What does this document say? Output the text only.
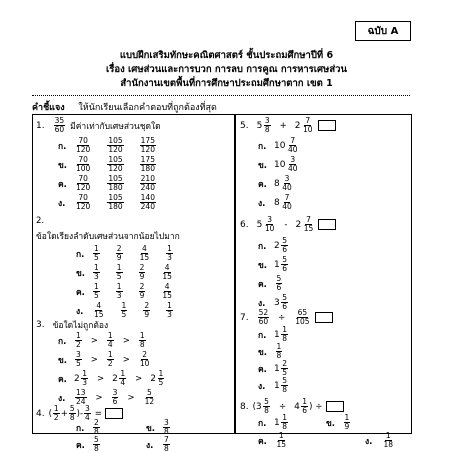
ฉบับ A
แบบฝึกเสริมทักษะคณิตศาสตร์ ชั้นประถมศึกษาปีที่ 6
เรื่อง เศษส่วนและการบวก การลบ การคูณ การหารเศษส่วน
สำนักงานเขตพื้นที่การศึกษาประถมศึกษาตาก เขต 1
คำชี้แจง ให้นักเรียนเลือกคำตอบที่ถูกต้องที่สุด
1. $\frac{35}{60}$ มีค่าเท่ากับเศษส่วนชุดใด
ก.	$\frac{70}{120} \frac{105}{120} \frac{175}{120}$
ข.	$\frac{70}{100} \frac{105}{120} \frac{175}{180}$
ค.	$\frac{70}{120} \frac{105}{180} \frac{210}{240}$
ง.	$\frac{70}{120} \frac{105}{180} \frac{140}{240}$
2.
ข้อใดเรียงลำดับเศษส่วนจากน้อยไปมาก
ก.	$\frac{1}{5} \frac{2}{9} \frac{4}{15} \frac{1}{3}$
ข.	$\frac{1}{3} \frac{1}{5} \frac{2}{9} \frac{4}{15}$
ค.	$\frac{1}{5} \frac{1}{3} \frac{2}{9} \frac{4}{15}$
ง.	$\frac{4}{15} \frac{1}{5} \frac{2}{9} \frac{1}{3}$
3. ข้อใดไม่ถูกต้อง
ก.	$\frac{1}{2} > \frac{1}{4} > \frac{1}{8}$
ข.	$\frac{3}{5} > \frac{1}{2} > \frac{2}{10}$
ค. $2 \frac{1}{3} > 2 \frac{1}{4} > 2 \frac{1}{5}$
ง.	$\frac{13}{24} > \frac{3}{6} > \frac{5}{12}$
4. ( $\frac{1}{2} + \frac{5}{8}$ ) - $\frac{3}{4}$ =
ก.	$\frac{2}{8}$	ข.	$\frac{3}{8}$
ค.	$\frac{5}{8}$	ง.	$\frac{7}{8}$
5. $5 \frac{3}{8} + 2 \frac{7}{10}$
ก. $10 \frac{7}{40}$
ข. $10 \frac{3}{40}$
ค. $8 \frac{3}{40}$
ง. $8 \frac{7}{40}$
6. $5 \frac{3}{10} - 2 \frac{7}{15}$
ก. $2 \frac{5}{6}$
ข. $1 \frac{5}{6}$
ค.	$\frac{5}{6}$
ง. $3 \frac{5}{6}$
7. $\frac{52}{60} \div \frac{65}{105}$
ก. $1 \frac{1}{8}$
ข.	$\frac{1}{8}$
ค. $1 \frac{2}{5}$
ง. $1 \frac{5}{8}$
8. ( $3 \frac{5}{8} \div 4 \frac{1}{6}$ ) ÷
ก. $1 \frac{1}{8}$	ข.	$\frac{1}{9}$
ค.	$\frac{1}{15}$	ง.	$\frac{1}{18}$
